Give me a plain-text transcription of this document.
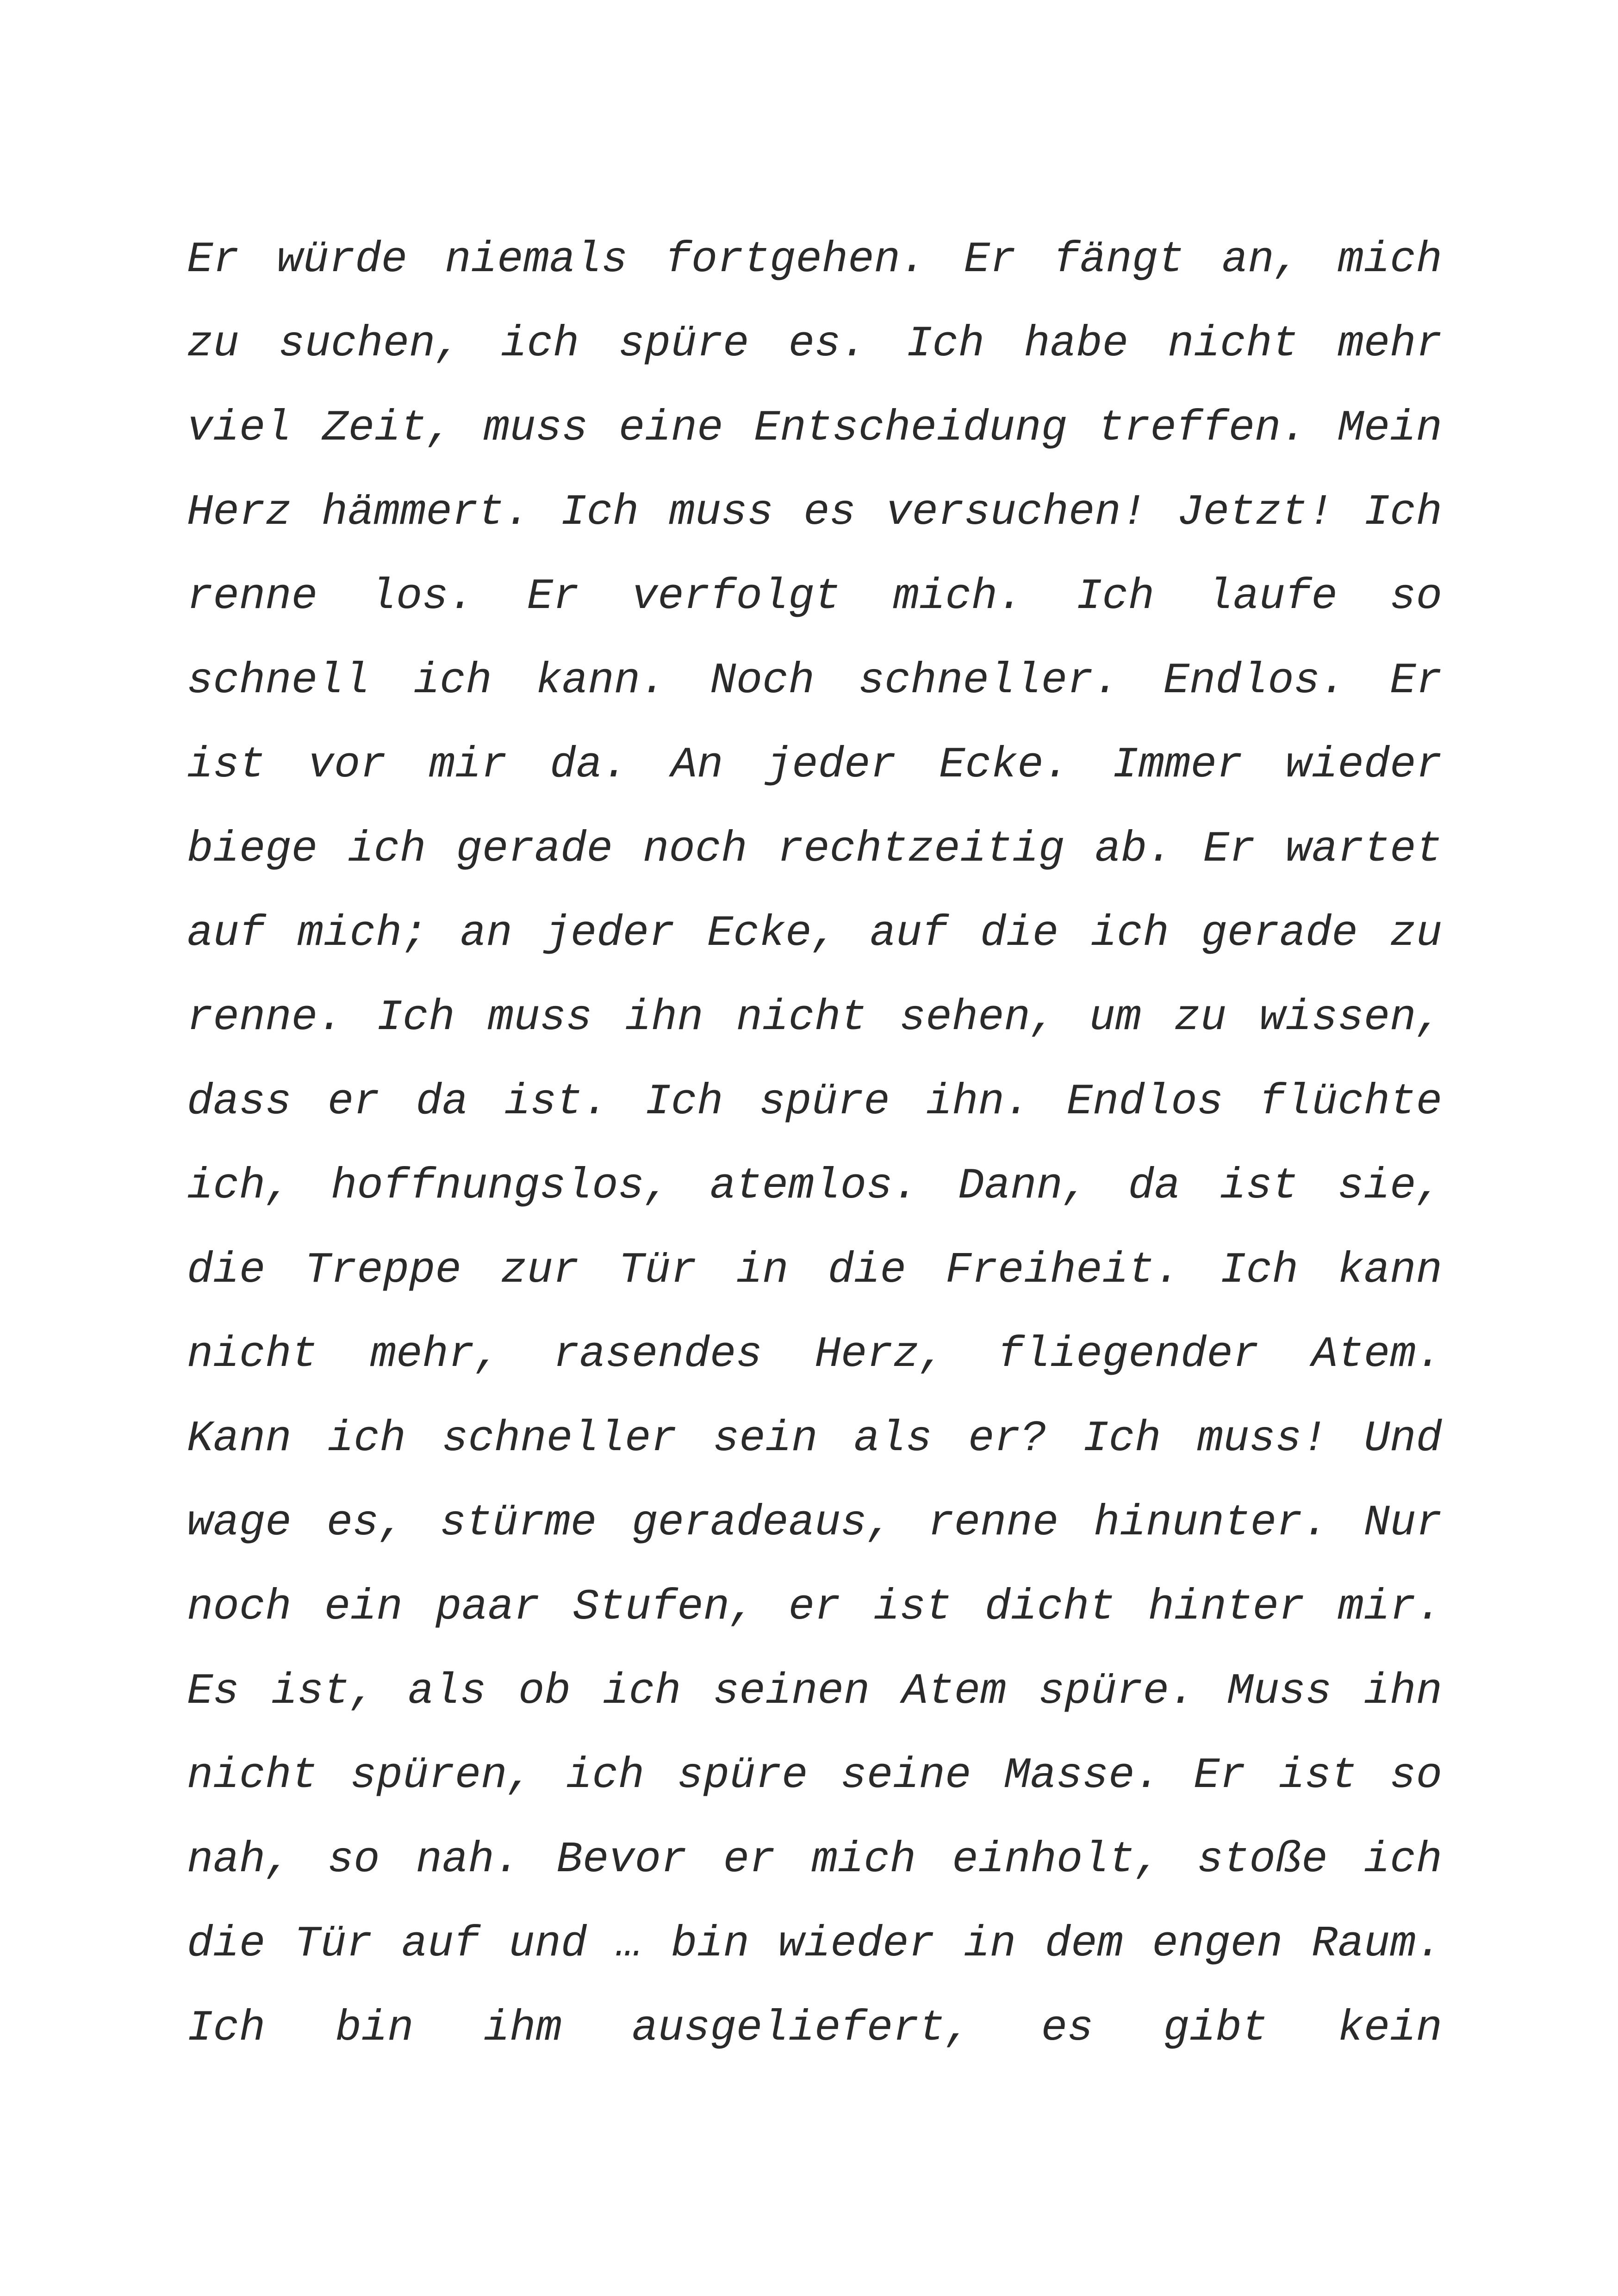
Er würde niemals fortgehen. Er fängt an, mich
zu suchen, ich spüre es. Ich habe nicht mehr
viel Zeit, muss eine Entscheidung treffen. Mein
Herz hämmert. Ich muss es versuchen! Jetzt! Ich
renne los. Er verfolgt mich. Ich laufe so
schnell ich kann. Noch schneller. Endlos. Er
ist vor mir da. An jeder Ecke. Immer wieder
biege ich gerade noch rechtzeitig ab. Er wartet
auf mich; an jeder Ecke, auf die ich gerade zu
renne. Ich muss ihn nicht sehen, um zu wissen,
dass er da ist. Ich spüre ihn. Endlos flüchte
ich, hoffnungslos, atemlos. Dann, da ist sie,
die Treppe zur Tür in die Freiheit. Ich kann
nicht mehr, rasendes Herz, fliegender Atem.
Kann ich schneller sein als er? Ich muss! Und
wage es, stürme geradeaus, renne hinunter. Nur
noch ein paar Stufen, er ist dicht hinter mir.
Es ist, als ob ich seinen Atem spüre. Muss ihn
nicht spüren, ich spüre seine Masse. Er ist so
nah, so nah. Bevor er mich einholt, stoße ich
die Tür auf und … bin wieder in dem engen Raum.
Ich bin ihm ausgeliefert, es gibt kein
